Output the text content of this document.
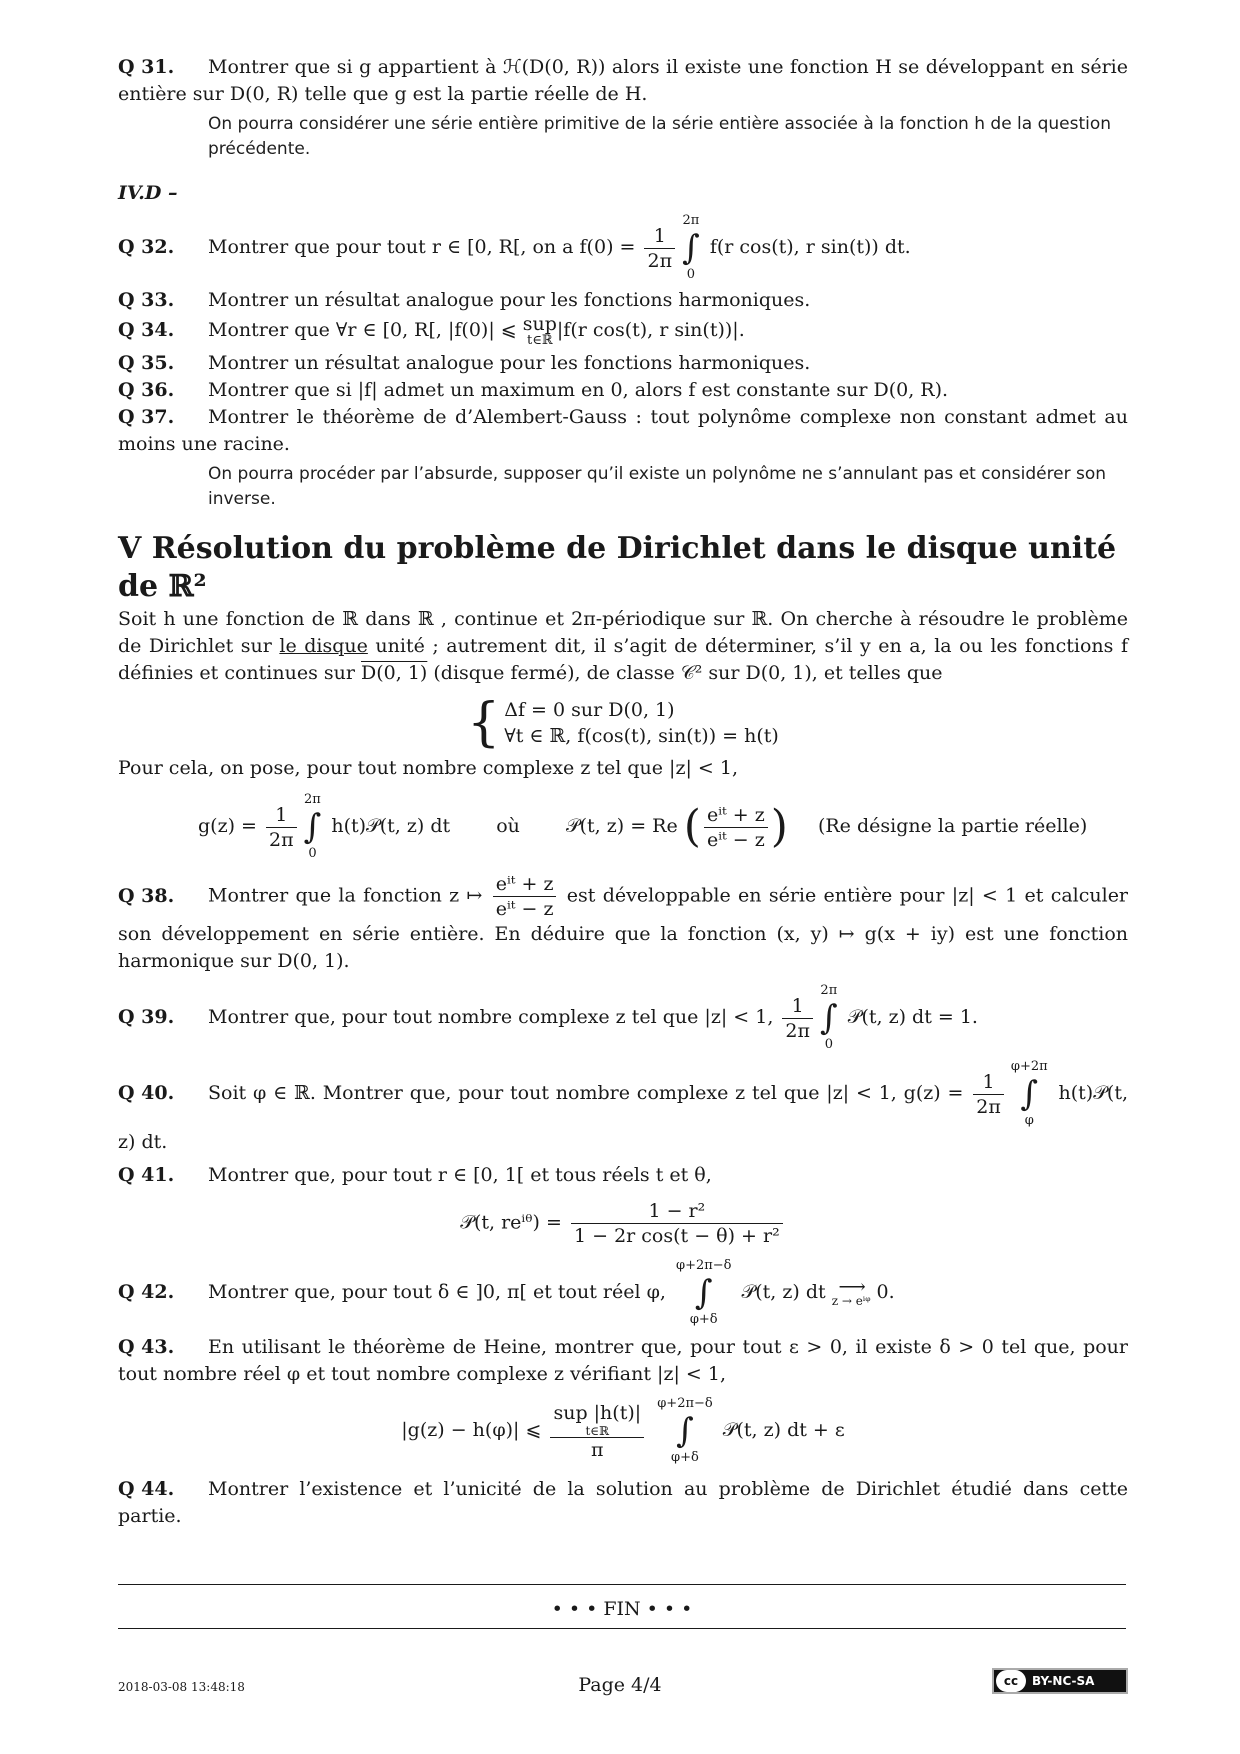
Q 31. Montrer que si g appartient à ℋ(D(0, R)) alors il existe une fonction H se développant en série entière sur D(0, R) telle que g est la partie réelle de H.

On pourra considérer une série entière primitive de la série entière associée à la fonction h de la question précédente.

IV.D –

Q 32. Montrer que pour tout r ∈ [0, R[, on a $f(0) = \frac{1}{2\pi}$
2π
∫
0
f(r cos(t), r sin(t)) dt.

Q 33. Montrer un résultat analogue pour les fonctions harmoniques.

Q 34. Montrer que ∀r ∈ [0, R[, |f(0)| ⩽ sup
t∈ℝ |f(r cos(t), r sin(t))|.

Q 35. Montrer un résultat analogue pour les fonctions harmoniques.

Q 36. Montrer que si |f| admet un maximum en 0, alors f est constante sur D(0, R).

Q 37. Montrer le théorème de d’Alembert-Gauss : tout polynôme complexe non constant admet au moins une racine.

On pourra procéder par l’absurde, supposer qu’il existe un polynôme ne s’annulant pas et considérer son inverse.

V Résolution du problème de Dirichlet dans le disque unité de ℝ²

Soit h une fonction de ℝ dans ℝ , continue et 2π-périodique sur ℝ. On cherche à résoudre le problème de Dirichlet sur le disque unité ; autrement dit, il s’agit de déterminer, s’il y en a, la ou les fonctions f définies et continues sur D(0, 1) (disque fermé), de classe 𝒞² sur D(0, 1), et telles que

{ Δf = 0 sur D(0, 1)
∀t ∈ ℝ, f(cos(t), sin(t)) = h(t)

Pour cela, on pose, pour tout nombre complexe z tel que |z| < 1,

$g(z) = \frac{1}{2\pi}$
2π
∫
0
h(t)𝒫(t, z) dt où 𝒫(t, z) = Re ( $\frac{\text{eⁱᵗ + z}}{\text{eⁱᵗ − z}}$ ) (Re désigne la partie réelle)

Q 38. Montrer que la fonction z ↦ $\frac{\text{eⁱᵗ + z}}{\text{eⁱᵗ − z}}$ est développable en série entière pour |z| < 1 et calculer son développement en série entière. En déduire que la fonction (x, y) ↦ g(x + iy) est une fonction harmonique sur D(0, 1).

Q 39. Montrer que, pour tout nombre complexe z tel que |z| < 1, $\frac{1}{2\pi}$
2π
∫
0
𝒫(t, z) dt = 1.

Q 40. Soit φ ∈ ℝ. Montrer que, pour tout nombre complexe z tel que |z| < 1, $g(z) = \frac{1}{2\pi}$
φ+2π
∫
φ
h(t)𝒫(t, z) dt.

Q 41. Montrer que, pour tout r ∈ [0, 1[ et tous réels t et θ,

𝒫(t, reⁱᶿ) = $\frac{\text{1 − r²}}{\text{1 − 2r cos(t − θ) + r²}}$

Q 42. Montrer que, pour tout δ ∈ ]0, π[ et tout réel φ,
φ+2π−δ
∫
φ+δ
𝒫(t, z) dt ⟶
z → eⁱᵠ 0.

Q 43. En utilisant le théorème de Heine, montrer que, pour tout ε > 0, il existe δ > 0 tel que, pour tout nombre réel φ et tout nombre complexe z vérifiant |z| < 1,

|g(z) − h(φ)| ⩽ sup |h(t)|
t∈ℝ
π
φ+2π−δ
∫
φ+δ
𝒫(t, z) dt + ε

Q 44. Montrer l’existence et l’unicité de la solution au problème de Dirichlet étudié dans cette partie.

• • • FIN • • •
2018-03-08 13:48:18	Page 4/4	cc	BY-NC-SA
